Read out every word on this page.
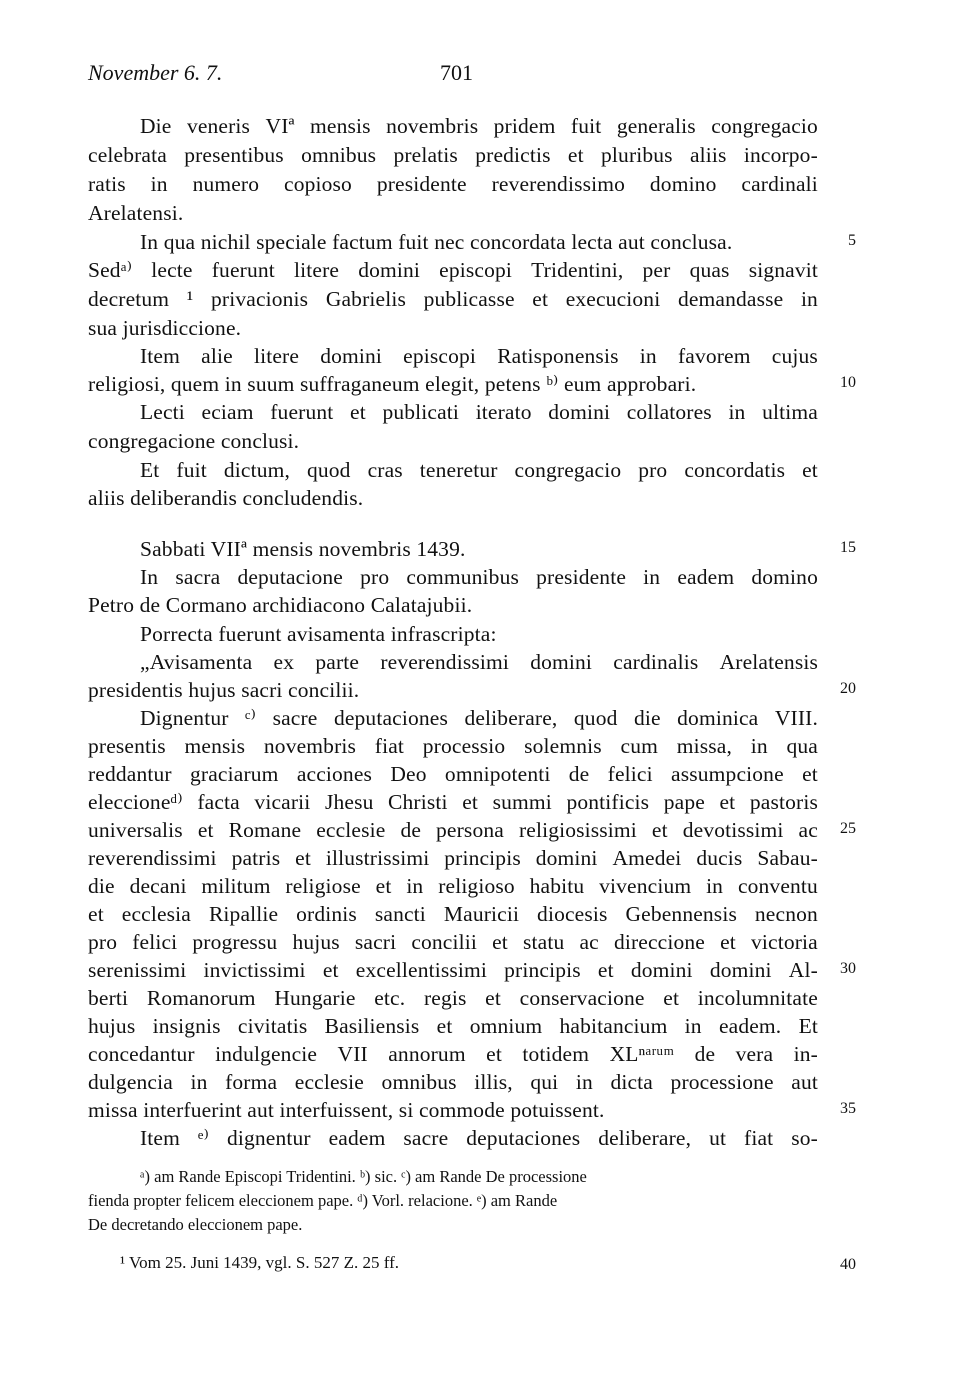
November 6. 7.	701
Die veneris VIª mensis novembris pridem fuit generalis congregacio
celebrata presentibus omnibus prelatis predictis et pluribus aliis incorpo-
ratis in numero copioso presidente reverendissimo domino cardinali
Arelatensi.
In qua nichil speciale factum fuit nec concordata lecta aut conclusa.
Sedᵃ⁾ lecte fuerunt litere domini episcopi Tridentini, per quas signavit
decretum ¹ privacionis Gabrielis publicasse et execucioni demandasse in
sua jurisdiccione.
Item alie litere domini episcopi Ratisponensis in favorem cujus
religiosi, quem in suum suffraganeum elegit, petens ᵇ⁾ eum approbari.
Lecti eciam fuerunt et publicati iterato domini collatores in ultima
congregacione conclusi.
Et fuit dictum, quod cras teneretur congregacio pro concordatis et
aliis deliberandis concludendis.
Sabbati VIIª mensis novembris 1439.
In sacra deputacione pro communibus presidente in eadem domino
Petro de Cormano archidiacono Calatajubii.
Porrecta fuerunt avisamenta infrascripta:
„Avisamenta ex parte reverendissimi domini cardinalis Arelatensis
presidentis hujus sacri concilii.
Dignentur ᶜ⁾ sacre deputaciones deliberare, quod die dominica VIII.
presentis mensis novembris fiat processio solemnis cum missa, in qua
reddantur graciarum acciones Deo omnipotenti de felici assumpcione et
eleccioneᵈ⁾ facta vicarii Jhesu Christi et summi pontificis pape et pastoris
universalis et Romane ecclesie de persona religiosissimi et devotissimi ac
reverendissimi patris et illustrissimi principis domini Amedei ducis Sabau-
die decani militum religiose et in religioso habitu vivencium in conventu
et ecclesia Ripallie ordinis sancti Mauricii diocesis Gebennensis necnon
pro felici progressu hujus sacri concilii et statu ac direccione et victoria
serenissimi invictissimi et excellentissimi principis et domini domini Al-
berti Romanorum Hungarie etc. regis et conservacione et incolumnitate
hujus insignis civitatis Basiliensis et omnium habitancium in eadem. Et
concedantur indulgencie VII annorum et totidem XLⁿᵃʳᵘᵐ de vera in-
dulgencia in forma ecclesie omnibus illis, qui in dicta processione aut
missa interfuerint aut interfuissent, si commode potuissent.
Item ᵉ⁾ dignentur eadem sacre deputaciones deliberare, ut fiat so-
5
10
15
20
25
30
35
40
ᵃ) am Rande Episcopi Tridentini. ᵇ) sic. ᶜ) am Rande De processione
fienda propter felicem eleccionem pape. ᵈ) Vorl. relacione. ᵉ) am Rande
De decretando eleccionem pape.
¹ Vom 25. Juni 1439, vgl. S. 527 Z. 25 ff.
